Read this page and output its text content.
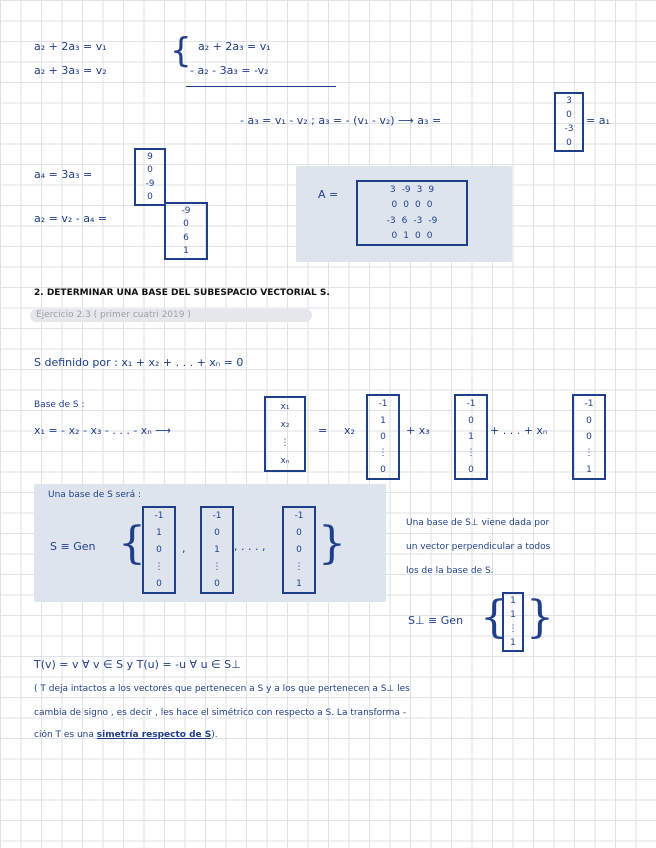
a₂ + 2a₃ = v₁
a₂ + 3a₃ = v₂ { a₂ + 2a₃ = v₁
- a₂ - 3a₃ = -v₂
- a₃ = v₁ - v₂ ; a₃ = - (v₁ - v₂) ⟶ a₃ =
3
0
-3
0
= a₁
a₄ = 3a₃ =
9
0
-9
0
a₂ = v₂ - a₄ =
-9
0
6
1
A =	3 -9 3 9
0 0 0 0
-3 6 -3 -9
0 1 0 0
2. DETERMINAR UNA BASE DEL SUBESPACIO VECTORIAL S.
Ejercicio 2.3 ( primer cuatri 2019 )
S definido por : x₁ + x₂ + . . . + xₙ = 0
Base de S :
x₁ = - x₂ - x₃ - . . . - xₙ ⟶
x₁
x₂
⋮
xₙ
= x₂
-1
1
0
⋮
0
+ x₃
-1
0
1
⋮
0
+ . . . + xₙ
-1
0
0
⋮
1
Una base de S será :
S ≡ Gen {
-1
1
0
⋮
0
,
-1
0
1
⋮
0
, . . . ,
-1
0
0
⋮
1
}	Una base de S⊥ viene dada por
un vector perpendicular a todos
los de la base de S.
S⊥ ≡ Gen { 1
1
⋮
1 }
T(v) = v ∀ v ∈ S y T(u) = -u ∀ u ∈ S⊥
( T deja intactos a los vectores que pertenecen a S y a los que pertenecen a S⊥ les
cambia de signo , es decir , les hace el simétrico con respecto a S. La transforma -
ción T es una simetría respecto de S).
